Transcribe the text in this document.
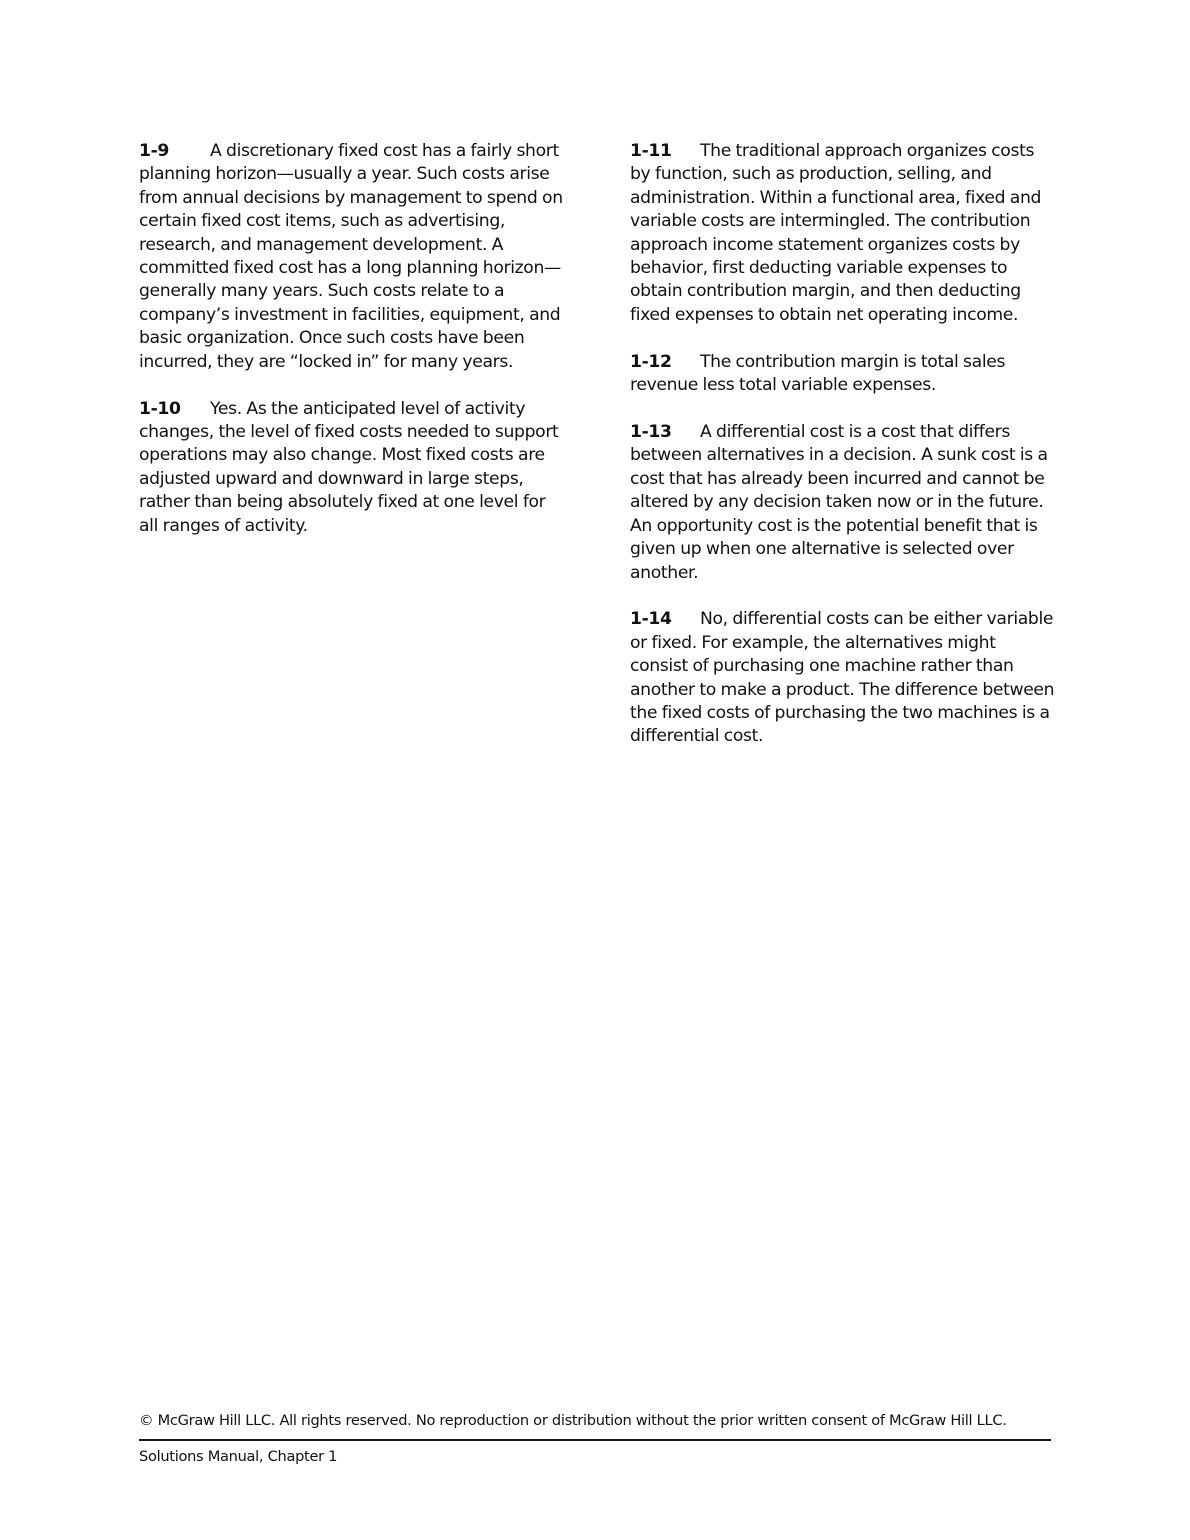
1-9 A discretionary fixed cost has a fairly short planning horizon—usually a year. Such costs arise from annual decisions by management to spend on certain fixed cost items, such as advertising, research, and management development. A committed fixed cost has a long planning horizon—generally many years. Such costs relate to a company’s investment in facilities, equipment, and basic organization. Once such costs have been incurred, they are “locked in” for many years.

1-10 Yes. As the anticipated level of activity changes, the level of fixed costs needed to support operations may also change. Most fixed costs are adjusted upward and downward in large steps, rather than being absolutely fixed at one level for all ranges of activity.

1-11 The traditional approach organizes costs by function, such as production, selling, and administration. Within a functional area, fixed and variable costs are intermingled. The contribution approach income statement organizes costs by behavior, first deducting variable expenses to obtain contribution margin, and then deducting fixed expenses to obtain net operating income.

1-12 The contribution margin is total sales revenue less total variable expenses.

1-13 A differential cost is a cost that differs between alternatives in a decision. A sunk cost is a cost that has already been incurred and cannot be altered by any decision taken now or in the future. An opportunity cost is the potential benefit that is given up when one alternative is selected over another.

1-14 No, differential costs can be either variable or fixed. For example, the alternatives might consist of purchasing one machine rather than another to make a product. The difference between the fixed costs of purchasing the two machines is a differential cost.

© McGraw Hill LLC. All rights reserved. No reproduction or distribution without the prior written consent of McGraw Hill LLC.
Solutions Manual, Chapter 1
